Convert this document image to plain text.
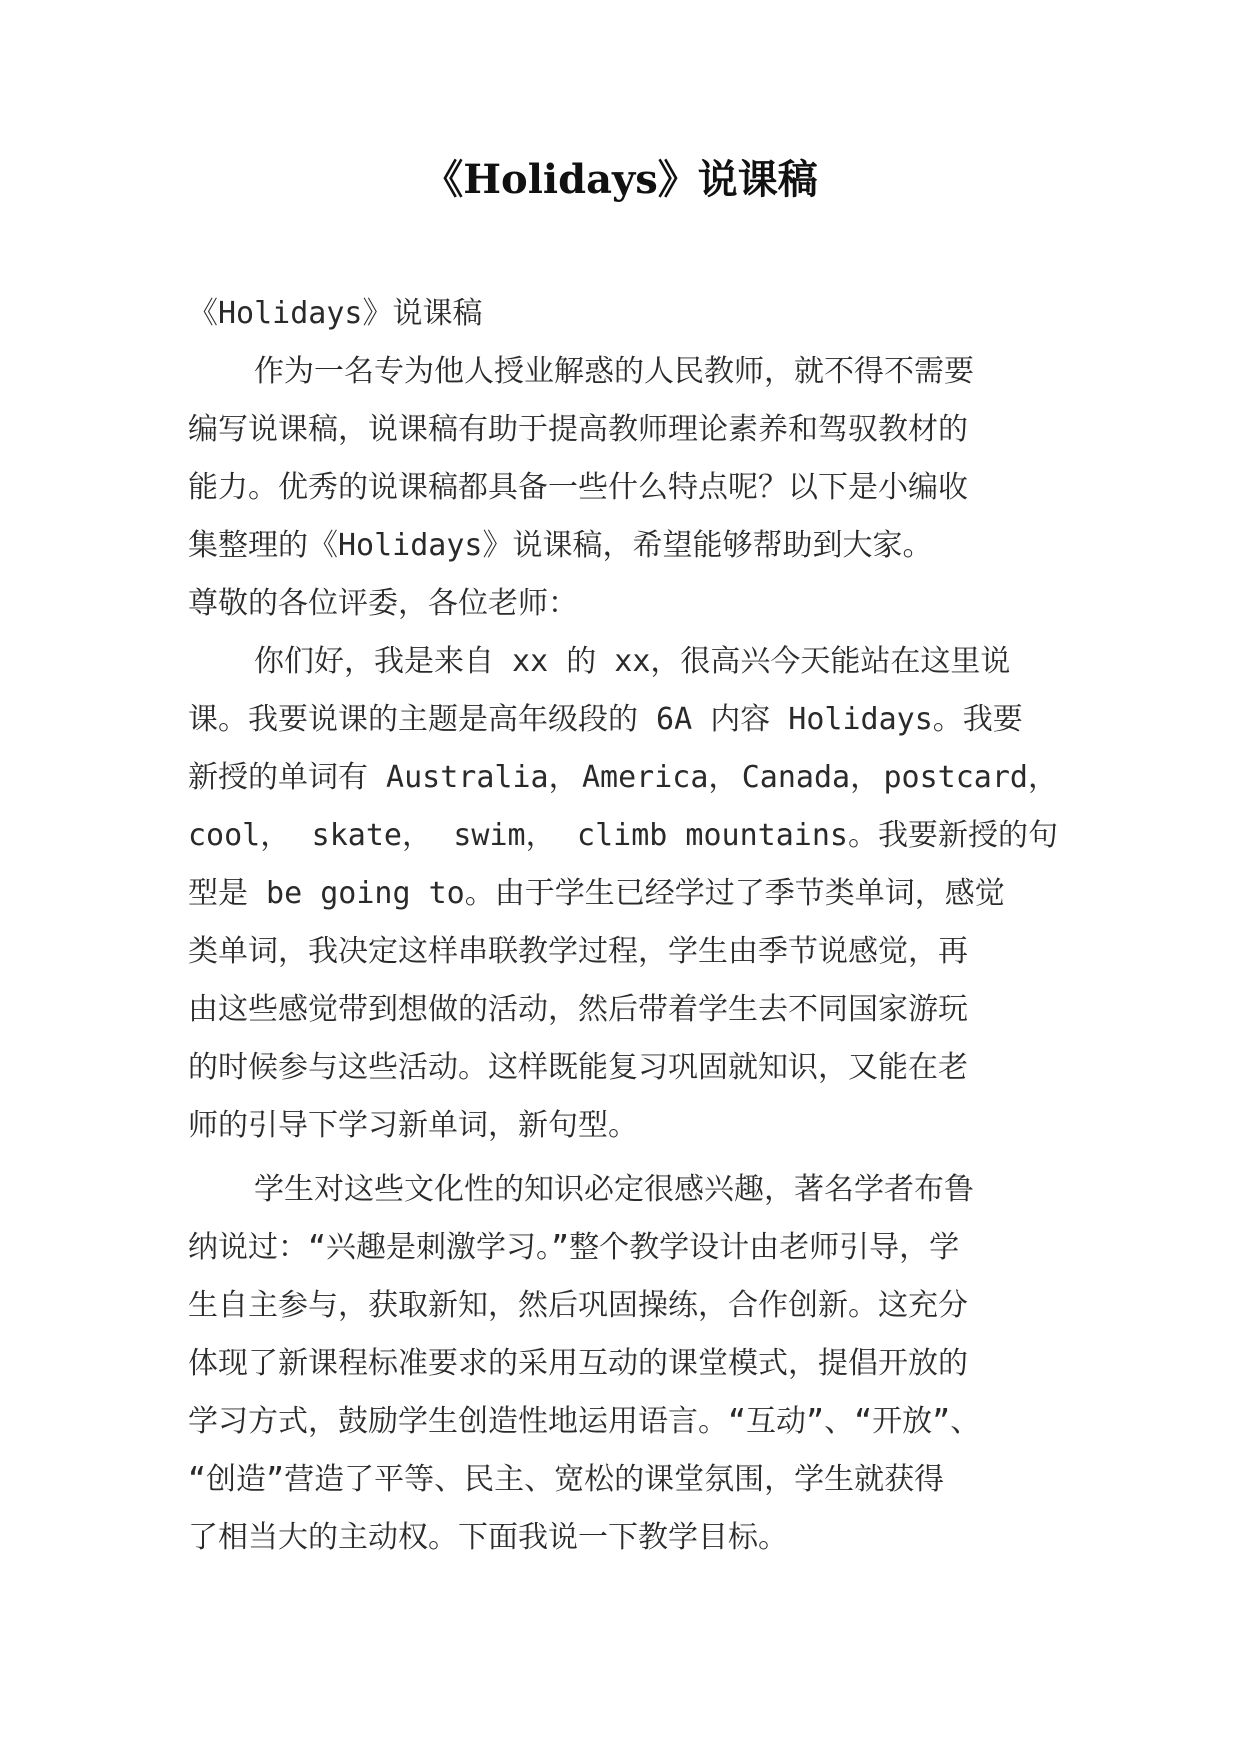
《Holidays》说课稿
《Holidays》说课稿
作为一名专为他人授业解惑的人民教师，就不得不需要
编写说课稿，说课稿有助于提高教师理论素养和驾驭教材的
能力。优秀的说课稿都具备一些什么特点呢？以下是小编收
集整理的《Holidays》说课稿，希望能够帮助到大家。
尊敬的各位评委，各位老师：
你们好，我是来自 xx 的 xx，很高兴今天能站在这里说
课。我要说课的主题是高年级段的 6A 内容 Holidays。我要
新授的单词有 Australia， America， Canada， postcard，
cool， skate， swim， climb mountains。我要新授的句
型是 be going to。由于学生已经学过了季节类单词，感觉
类单词，我决定这样串联教学过程，学生由季节说感觉，再
由这些感觉带到想做的活动，然后带着学生去不同国家游玩
的时候参与这些活动。这样既能复习巩固就知识，又能在老
师的引导下学习新单词，新句型。
学生对这些文化性的知识必定很感兴趣，著名学者布鲁
纳说过：“兴趣是刺激学习。”整个教学设计由老师引导，学
生自主参与，获取新知，然后巩固操练，合作创新。这充分
体现了新课程标准要求的采用互动的课堂模式，提倡开放的
学习方式，鼓励学生创造性地运用语言。“互动”、“开放”、
“创造”营造了平等、民主、宽松的课堂氛围，学生就获得
了相当大的主动权。下面我说一下教学目标。
